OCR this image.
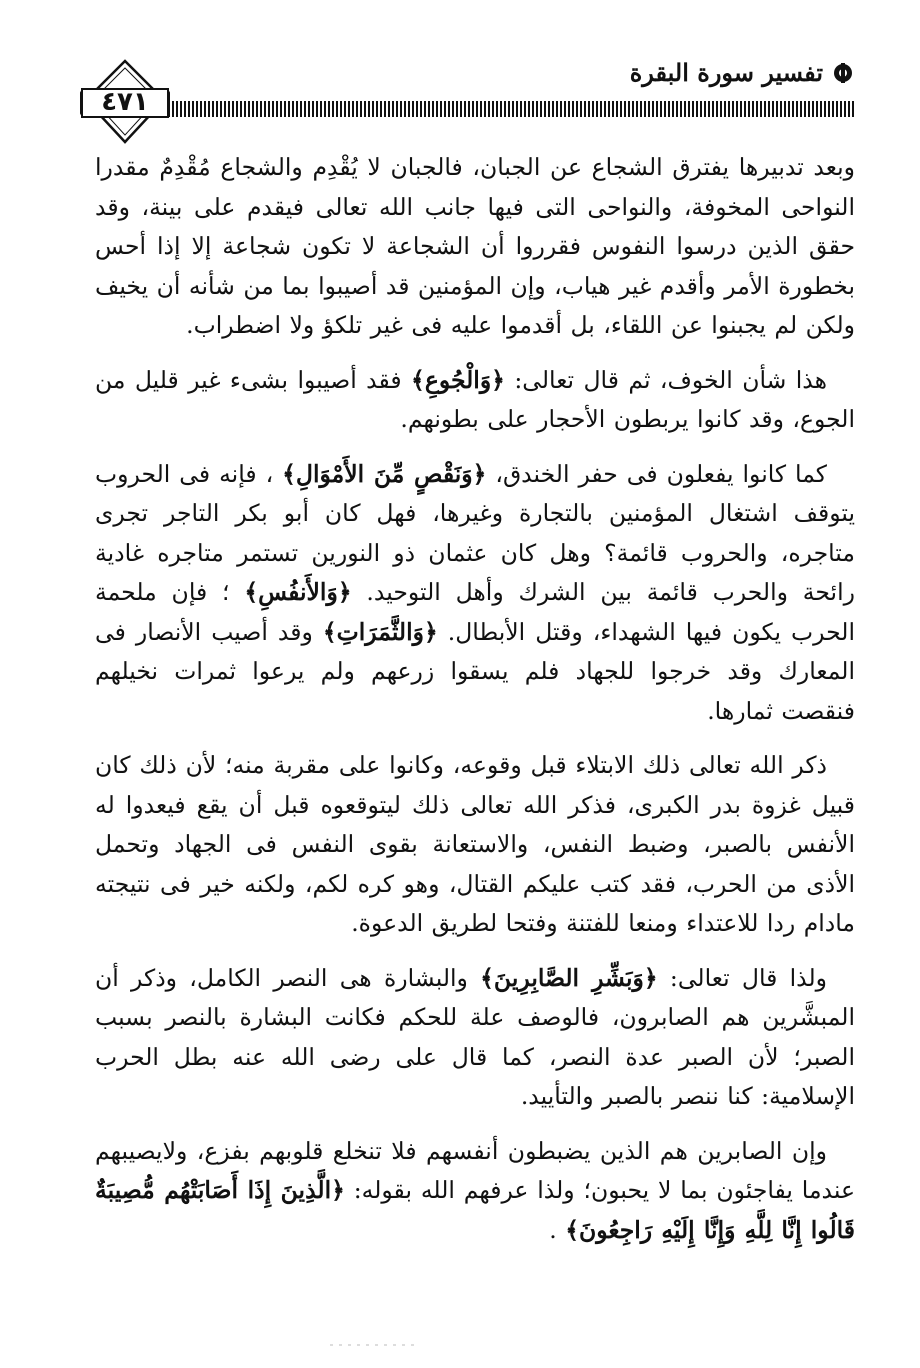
تفسير سورة البقرة
٤٧١

وبعد تدبيرها يفترق الشجاع عن الجبان، فالجبان لا يُقْدِم والشجاع مُقْدِمٌ مقدرا النواحى المخوفة، والنواحى التى فيها جانب الله تعالى فيقدم على بينة، وقد حقق الذين درسوا النفوس فقرروا أن الشجاعة لا تكون شجاعة إلا إذا أحس بخطورة الأمر وأقدم غير هياب، وإن المؤمنين قد أصيبوا بما من شأنه أن يخيف ولكن لم يجبنوا عن اللقاء، بل أقدموا عليه فى غير تلكؤ ولا اضطراب.

هذا شأن الخوف، ثم قال تعالى: ﴿وَالْجُوعِ﴾ فقد أصيبوا بشىء غير قليل من الجوع، وقد كانوا يربطون الأحجار على بطونهم.

كما كانوا يفعلون فى حفر الخندق، ﴿وَنَقْصٍ مِّنَ الأَمْوَالِ﴾ ، فإنه فى الحروب يتوقف اشتغال المؤمنين بالتجارة وغيرها، فهل كان أبو بكر التاجر تجرى متاجره، والحروب قائمة؟ وهل كان عثمان ذو النورين تستمر متاجره غادية رائحة والحرب قائمة بين الشرك وأهل التوحيد. ﴿وَالأَنفُسِ﴾ ؛ فإن ملحمة الحرب يكون فيها الشهداء، وقتل الأبطال. ﴿وَالثَّمَرَاتِ﴾ وقد أصيب الأنصار فى المعارك وقد خرجوا للجهاد فلم يسقوا زرعهم ولم يرعوا ثمرات نخيلهم فنقصت ثمارها.

ذكر الله تعالى ذلك الابتلاء قبل وقوعه، وكانوا على مقربة منه؛ لأن ذلك كان قبيل غزوة بدر الكبرى، فذكر الله تعالى ذلك ليتوقعوه قبل أن يقع فيعدوا له الأنفس بالصبر، وضبط النفس، والاستعانة بقوى النفس فى الجهاد وتحمل الأذى من الحرب، فقد كتب عليكم القتال، وهو كره لكم، ولكنه خير فى نتيجته مادام ردا للاعتداء ومنعا للفتنة وفتحا لطريق الدعوة.

ولذا قال تعالى: ﴿وَبَشِّرِ الصَّابِرِينَ﴾ والبشارة هى النصر الكامل، وذكر أن المبشَّرين هم الصابرون، فالوصف علة للحكم فكانت البشارة بالنصر بسبب الصبر؛ لأن الصبر عدة النصر، كما قال على رضى الله عنه بطل الحرب الإسلامية: كنا ننصر بالصبر والتأييد.

وإن الصابرين هم الذين يضبطون أنفسهم فلا تنخلع قلوبهم بفزع، ولايصيبهم عندما يفاجئون بما لا يحبون؛ ولذا عرفهم الله بقوله: ﴿الَّذِينَ إِذَا أَصَابَتْهُم مُّصِيبَةٌ قَالُوا إِنَّا لِلَّهِ وَإِنَّا إِلَيْهِ رَاجِعُونَ﴾ .
